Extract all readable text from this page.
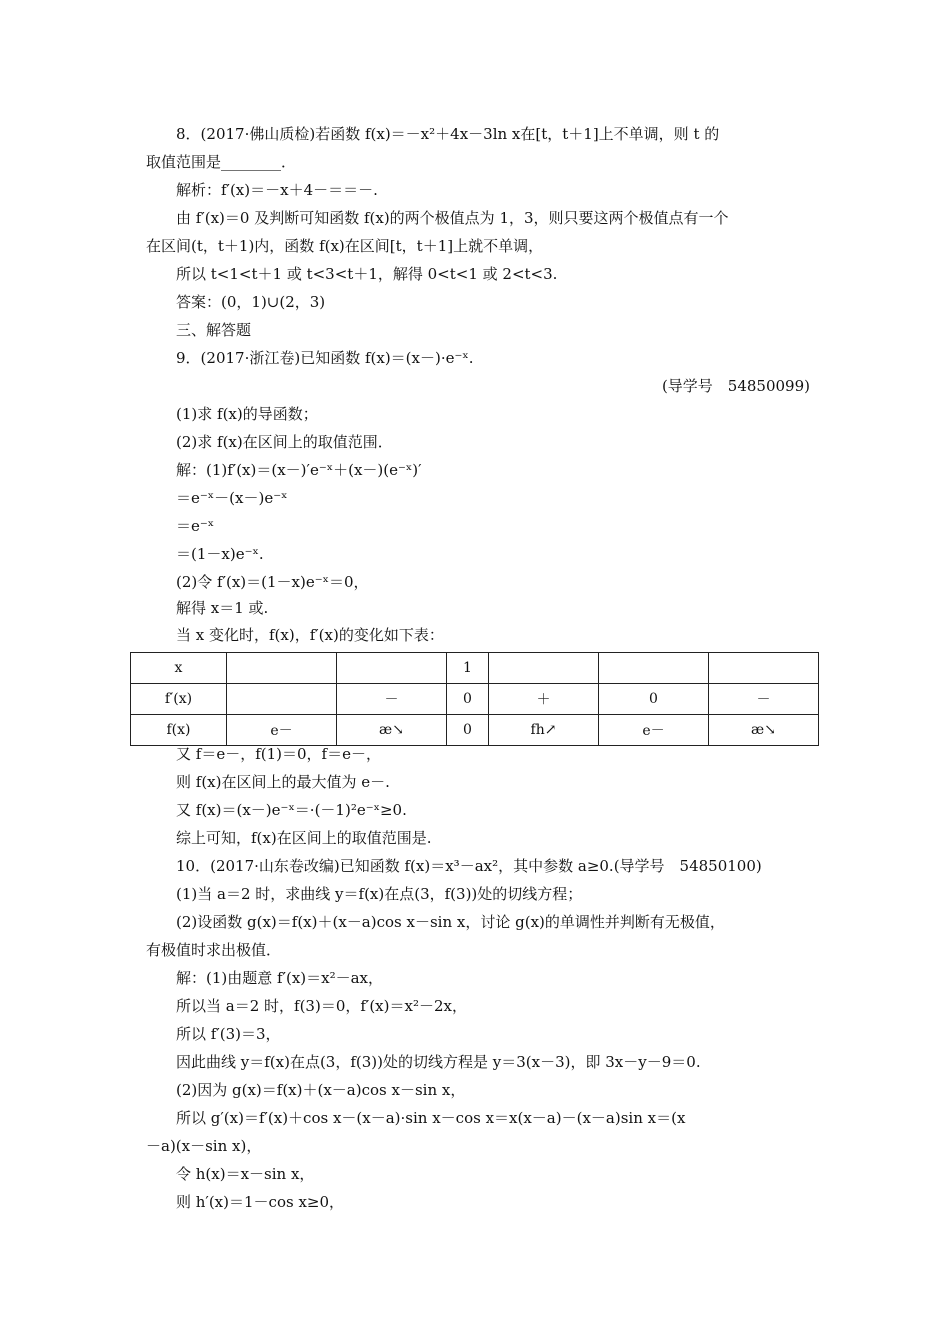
8．(2017·佛山质检)若函数 f(x)＝－x²＋4x－3ln x在[t，t＋1]上不单调，则 t 的
取值范围是________．
解析：f′(x)＝－x＋4－＝＝－.
由 f′(x)＝0 及判断可知函数 f(x)的两个极值点为 1，3，则只要这两个极值点有一个
在区间(t，t＋1)内，函数 f(x)在区间[t，t＋1]上就不单调，
所以 t<1<t＋1 或 t<3<t＋1，解得 0<t<1 或 2<t<3.
答案：(0，1)∪(2，3)
三、解答题
9．(2017·浙江卷)已知函数 f(x)＝(x－)·e⁻ˣ.
(导学号　54850099)
(1)求 f(x)的导函数；
(2)求 f(x)在区间上的取值范围．
解：(1)f′(x)＝(x－)′e⁻ˣ＋(x－)(e⁻ˣ)′
＝e⁻ˣ－(x－)e⁻ˣ
＝e⁻ˣ
＝(1－x)e⁻ˣ.
(2)令 f′(x)＝(1－x)e⁻ˣ＝0，
解得 x＝1 或.
当 x 变化时，f(x)，f′(x)的变化如下表：
x			1			
f′(x)		－	0	＋	0	－
f(x)	e－	æ↘	0	fh↗	e－	æ↘
又 f＝e－，f(1)＝0，f＝e－，
则 f(x)在区间上的最大值为 e－.
又 f(x)＝(x－)e⁻ˣ＝·(－1)²e⁻ˣ≥0.
综上可知，f(x)在区间上的取值范围是.
10．(2017·山东卷改编)已知函数 f(x)＝x³－ax²，其中参数 a≥0.(导学号　54850100)
(1)当 a＝2 时，求曲线 y＝f(x)在点(3，f(3))处的切线方程；
(2)设函数 g(x)＝f(x)＋(x－a)cos x－sin x，讨论 g(x)的单调性并判断有无极值，
有极值时求出极值．
解：(1)由题意 f′(x)＝x²－ax，
所以当 a＝2 时，f(3)＝0，f′(x)＝x²－2x，
所以 f′(3)＝3，
因此曲线 y＝f(x)在点(3，f(3))处的切线方程是 y＝3(x－3)，即 3x－y－9＝0.
(2)因为 g(x)＝f(x)＋(x－a)cos x－sin x，
所以 g′(x)＝f′(x)＋cos x－(x－a)·sin x－cos x＝x(x－a)－(x－a)sin x＝(x
－a)(x－sin x)，
令 h(x)＝x－sin x，
则 h′(x)＝1－cos x≥0，
